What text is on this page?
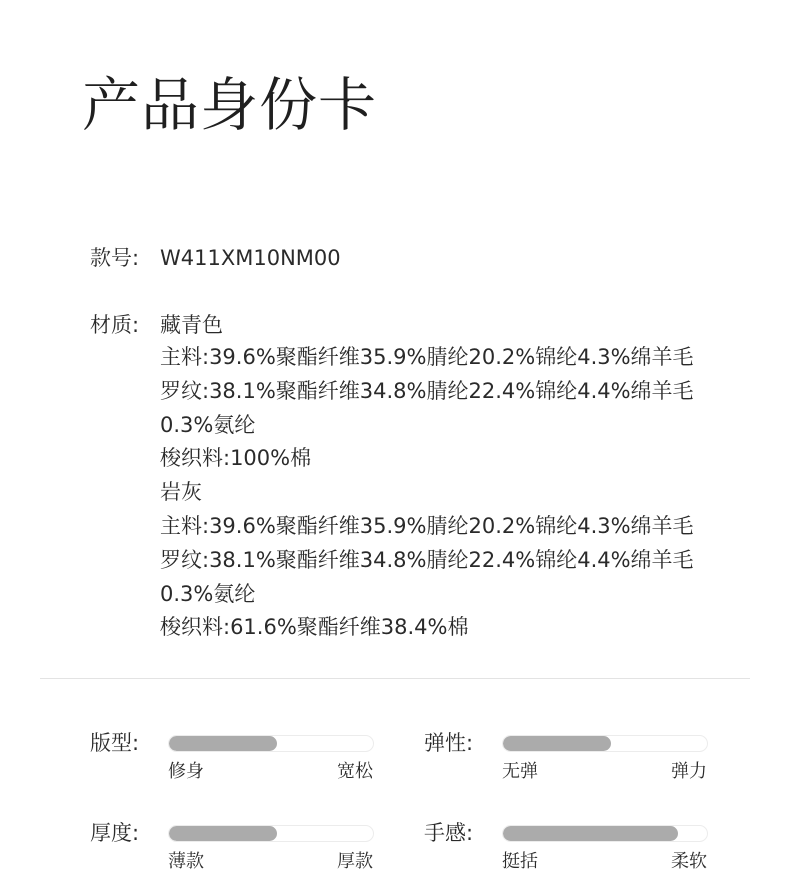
产品身份卡
款号: W411XM10NM00
材质: 藏青色
主料:39.6%聚酯纤维35.9%腈纶20.2%锦纶4.3%绵羊毛
罗纹:38.1%聚酯纤维34.8%腈纶22.4%锦纶4.4%绵羊毛
0.3%氨纶
梭织料:100%棉
岩灰
主料:39.6%聚酯纤维35.9%腈纶20.2%锦纶4.3%绵羊毛
罗纹:38.1%聚酯纤维34.8%腈纶22.4%锦纶4.4%绵羊毛
0.3%氨纶
梭织料:61.6%聚酯纤维38.4%棉
版型:
修身	宽松
弹性:
无弹	弹力
厚度:
薄款	厚款
手感:
挺括	柔软
